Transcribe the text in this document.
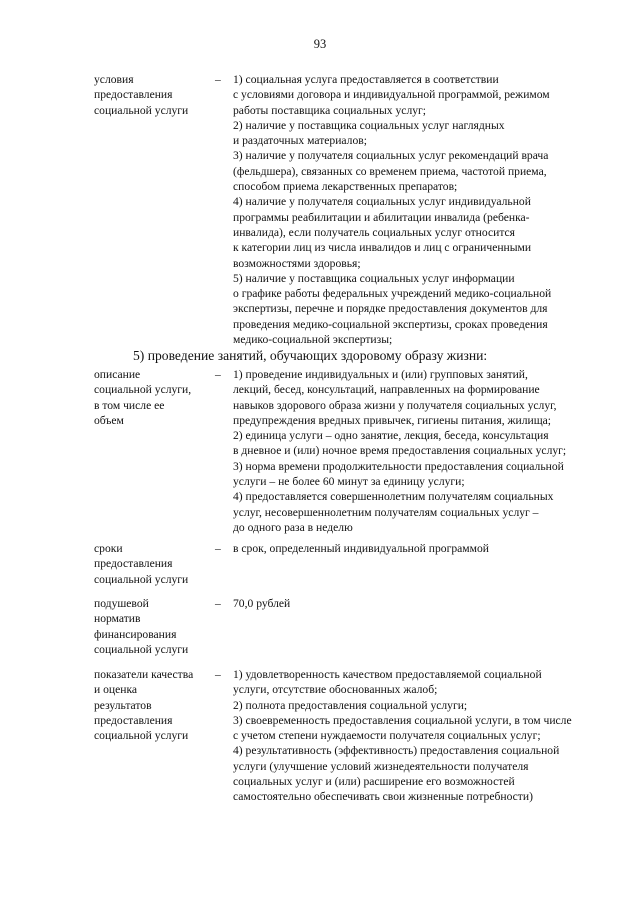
93
условия
предоставления
социальной услуги
– 1) социальная услуга предоставляется в соответствии
с условиями договора и индивидуальной программой, режимом
работы поставщика социальных услуг;
2) наличие у поставщика социальных услуг наглядных
и раздаточных материалов;
3) наличие у получателя социальных услуг рекомендаций врача
(фельдшера), связанных со временем приема, частотой приема,
способом приема лекарственных препаратов;
4) наличие у получателя социальных услуг индивидуальной
программы реабилитации и абилитации инвалида (ребенка-
инвалида), если получатель социальных услуг относится
к категории лиц из числа инвалидов и лиц с ограниченными
возможностями здоровья;
5) наличие у поставщика социальных услуг информации
о графике работы федеральных учреждений медико-социальной
экспертизы, перечне и порядке предоставления документов для
проведения медико-социальной экспертизы, сроках проведения
медико-социальной экспертизы;
5) проведение занятий, обучающих здоровому образу жизни:
описание
социальной услуги,
в том числе ее
объем
– 1) проведение индивидуальных и (или) групповых занятий,
лекций, бесед, консультаций, направленных на формирование
навыков здорового образа жизни у получателя социальных услуг,
предупреждения вредных привычек, гигиены питания, жилища;
2) единица услуги – одно занятие, лекция, беседа, консультация
в дневное и (или) ночное время предоставления социальных услуг;
3) норма времени продолжительности предоставления социальной
услуги – не более 60 минут за единицу услуги;
4) предоставляется совершеннолетним получателям социальных
услуг, несовершеннолетним получателям социальных услуг –
до одного раза в неделю
сроки
предоставления
социальной услуги
– в срок, определенный индивидуальной программой
подушевой
норматив
финансирования
социальной услуги
– 70,0 рублей
показатели качества
и оценка
результатов
предоставления
социальной услуги
– 1) удовлетворенность качеством предоставляемой социальной
услуги, отсутствие обоснованных жалоб;
2) полнота предоставления социальной услуги;
3) своевременность предоставления социальной услуги, в том числе
с учетом степени нуждаемости получателя социальных услуг;
4) результативность (эффективность) предоставления социальной
услуги (улучшение условий жизнедеятельности получателя
социальных услуг и (или) расширение его возможностей
самостоятельно обеспечивать свои жизненные потребности)
